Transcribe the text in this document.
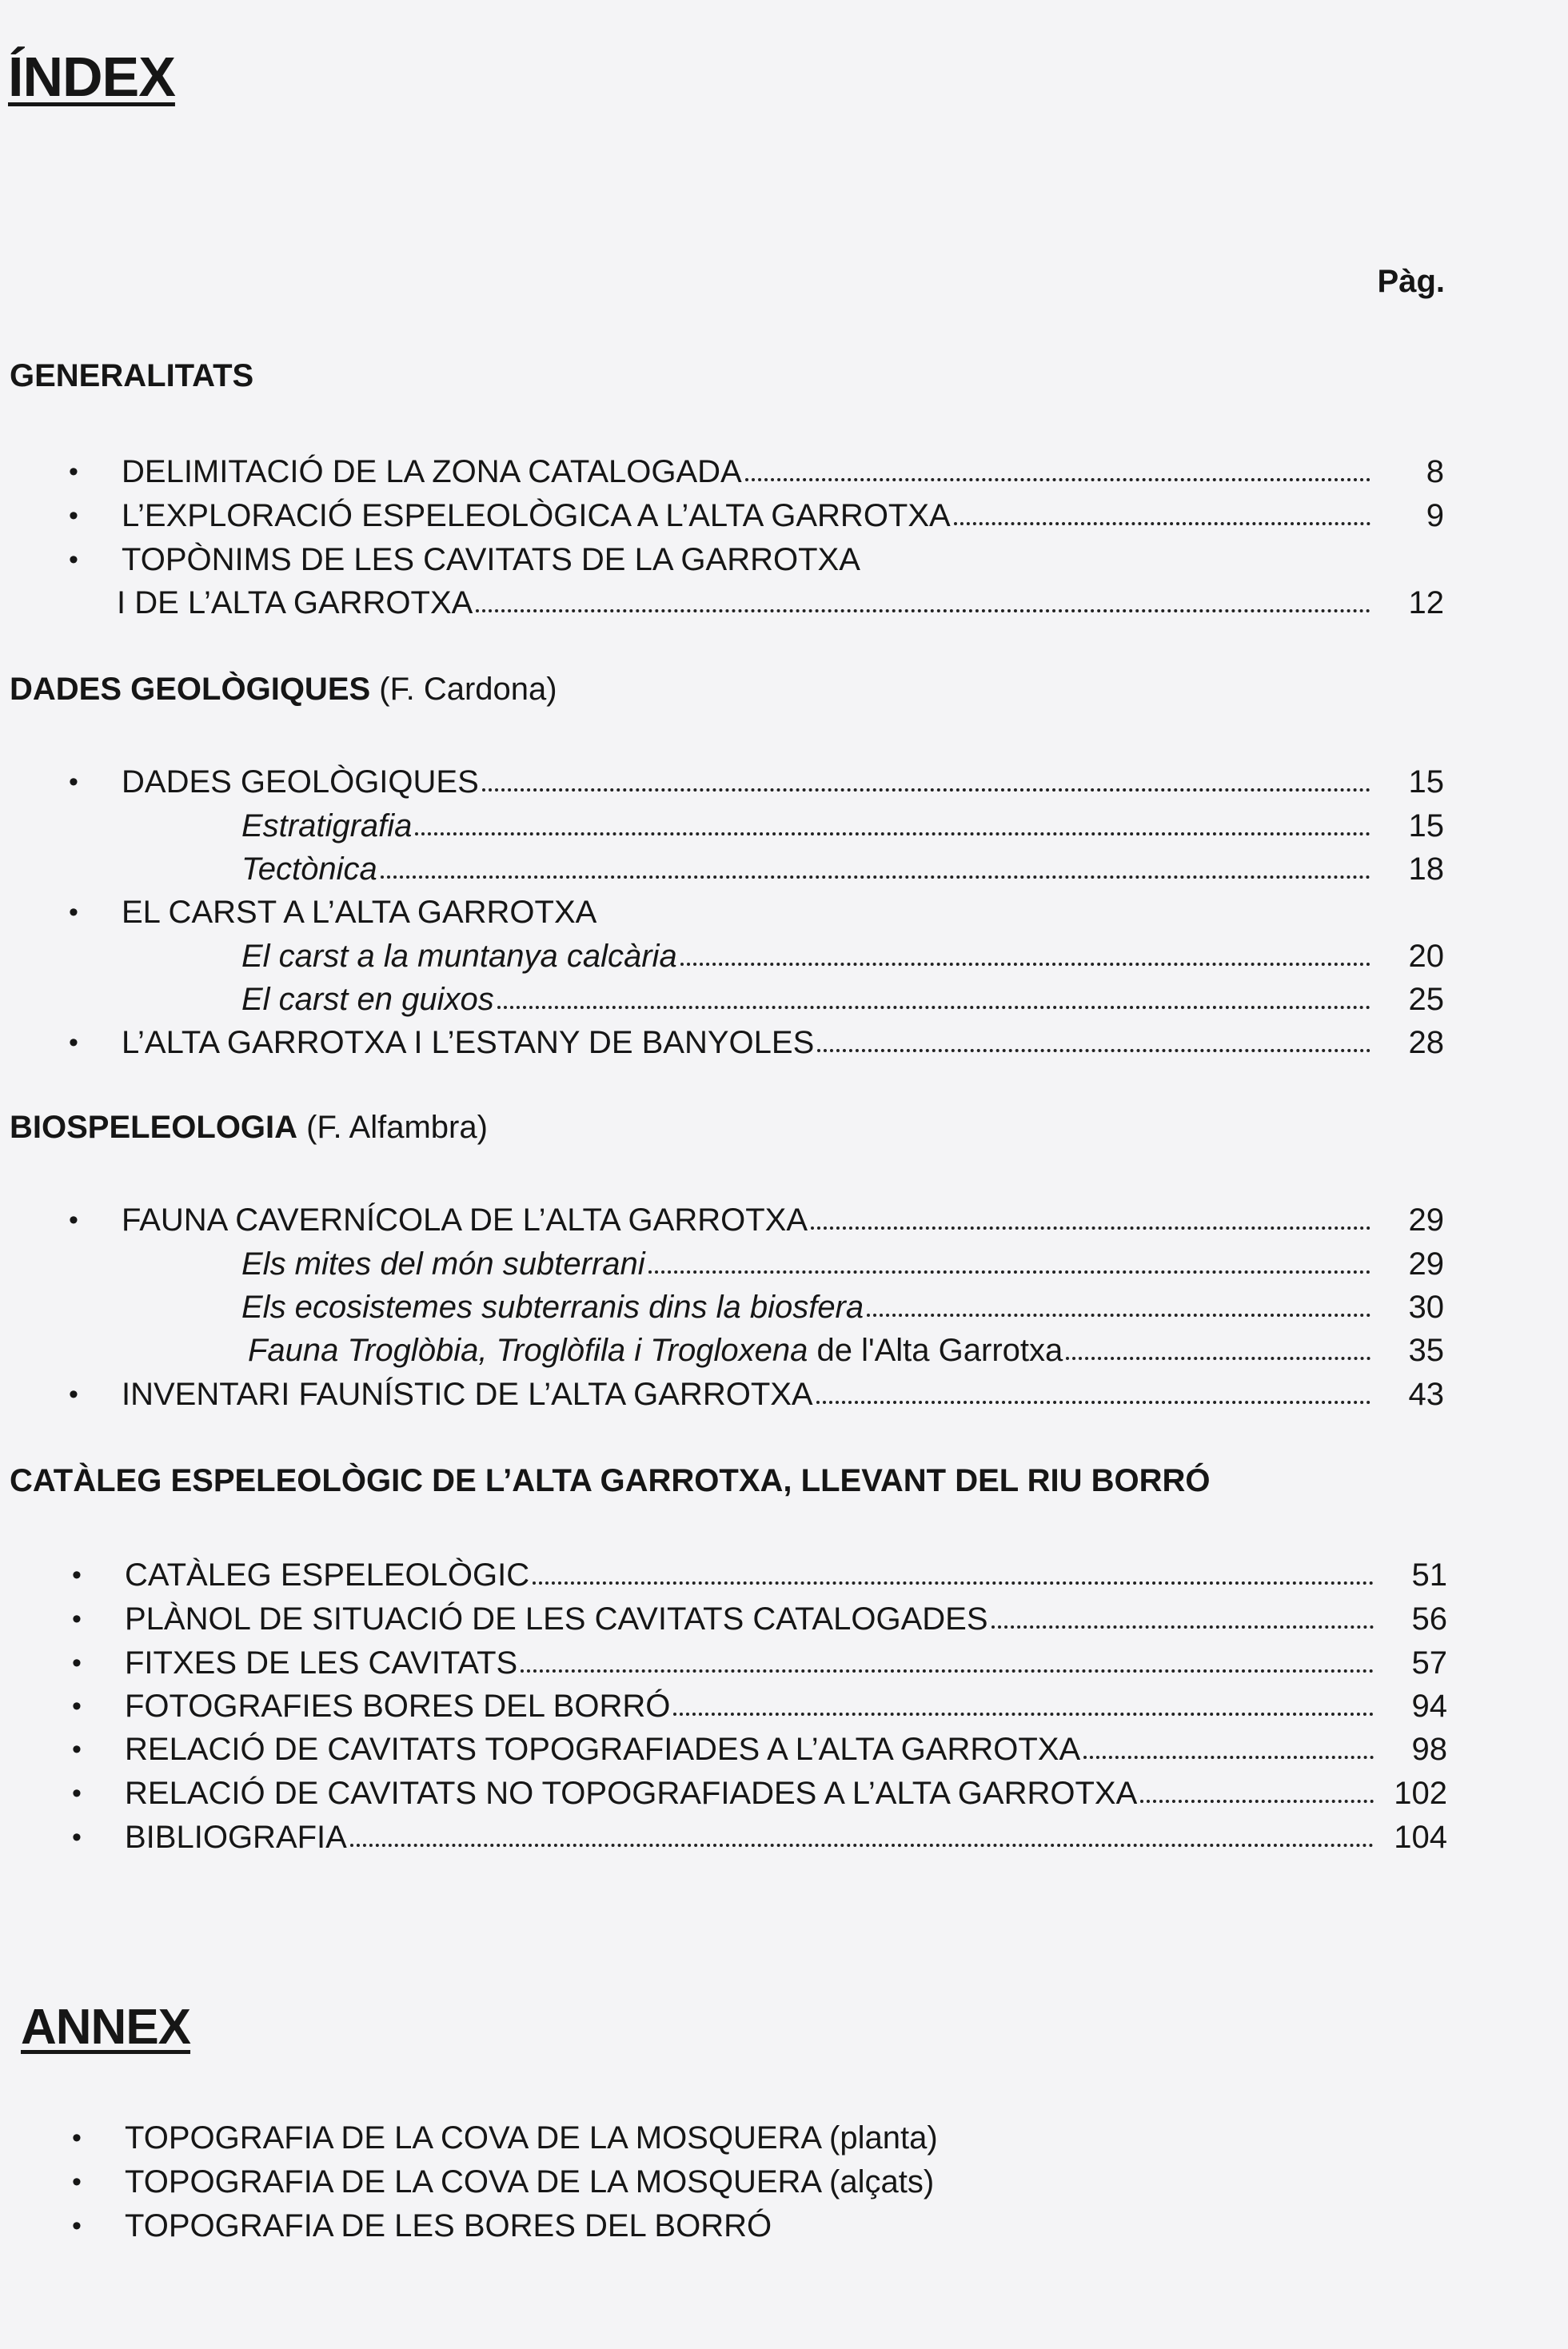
ÍNDEX
Pàg.
GENERALITATS
•	DELIMITACIÓ DE LA ZONA CATALOGADA	8
•	L’EXPLORACIÓ ESPELEOLÒGICA A L’ALTA GARROTXA	9
•	TOPÒNIMS DE LES CAVITATS DE LA GARROTXA
I DE L’ALTA GARROTXA	12
DADES GEOLÒGIQUES (F. Cardona)
•	DADES GEOLÒGIQUES	15
Estratigrafia	15
Tectònica	18
•	EL CARST A L’ALTA GARROTXA
El carst a la muntanya calcària	20
El carst en guixos	25
•	L’ALTA GARROTXA I L’ESTANY DE BANYOLES	28
BIOSPELEOLOGIA (F. Alfambra)
•	FAUNA CAVERNÍCOLA DE L’ALTA GARROTXA	29
Els mites del món subterrani	29
Els ecosistemes subterranis dins la biosfera	30
Fauna Troglòbia, Troglòfila i Trogloxena de l'Alta Garrotxa	35
•	INVENTARI FAUNÍSTIC DE L’ALTA GARROTXA	43
CATÀLEG ESPELEOLÒGIC DE L’ALTA GARROTXA, LLEVANT DEL RIU BORRÓ
•	CATÀLEG ESPELEOLÒGIC	51
•	PLÀNOL DE SITUACIÓ DE LES CAVITATS CATALOGADES	56
•	FITXES DE LES CAVITATS	57
•	FOTOGRAFIES BORES DEL BORRÓ	94
•	RELACIÓ DE CAVITATS TOPOGRAFIADES A L’ALTA GARROTXA	98
•	RELACIÓ DE CAVITATS NO TOPOGRAFIADES A L’ALTA GARROTXA	102
•	BIBLIOGRAFIA	104
ANNEX
•	TOPOGRAFIA DE LA COVA DE LA MOSQUERA (planta)
•	TOPOGRAFIA DE LA COVA DE LA MOSQUERA (alçats)
•	TOPOGRAFIA DE LES BORES DEL BORRÓ
